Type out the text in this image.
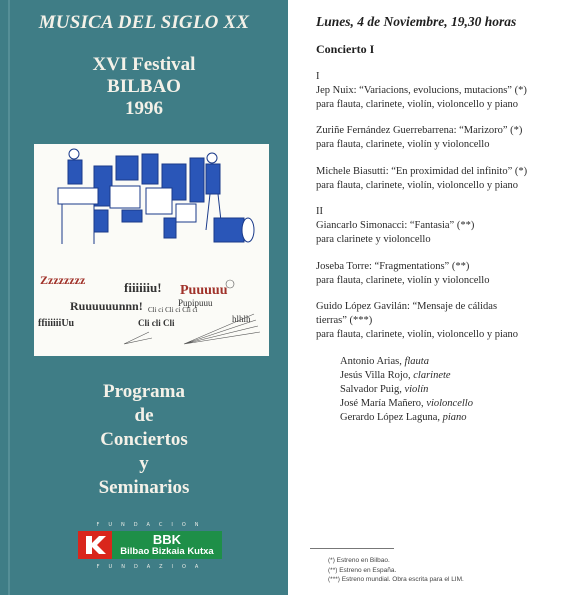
MUSICA DEL SIGLO XX
XVI Festival
BILBAO
1996
Zzzzzzzz	fiiiiiiu! Puuuuu
Pupipuuu
Ruuuuuunnn!
Cli cli Cli
ffiiiiiiUu
Cli ci Cli ci Cli ci
hlhlh
Programa
de
Conciertos
y
Seminarios
FUNDACION
BBK
Bilbao Bizkaia Kutxa
FUNDAZIOA
Lunes, 4 de Noviembre, 19,30 horas
Concierto I
I
Jep Nuix: “Variacions, evolucions, mutacions” (*)
para flauta, clarinete, violín, violoncello y piano
Zuriñe Fernández Guerrebarrena: “Marizoro” (*)
para flauta, clarinete, violín y violoncello
Michele Biasutti: “En proximidad del infinito” (*)
para flauta, clarinete, violín, violoncello y piano
II
Giancarlo Simonacci: “Fantasia” (**)
para clarinete y violoncello
Joseba Torre: “Fragmentations” (**)
para flauta, clarinete, violín y violoncello
Guido López Gavilán: “Mensaje de cálidas
tierras” (***)
para flauta, clarinete, violín, violoncello y piano
Antonio Arias, flauta
Jesús Villa Rojo, clarinete
Salvador Puig, violín
José María Mañero, violoncello
Gerardo López Laguna, piano
(*) Estreno en Bilbao.
(**) Estreno en España.
(***) Estreno mundial. Obra escrita para el LIM.
